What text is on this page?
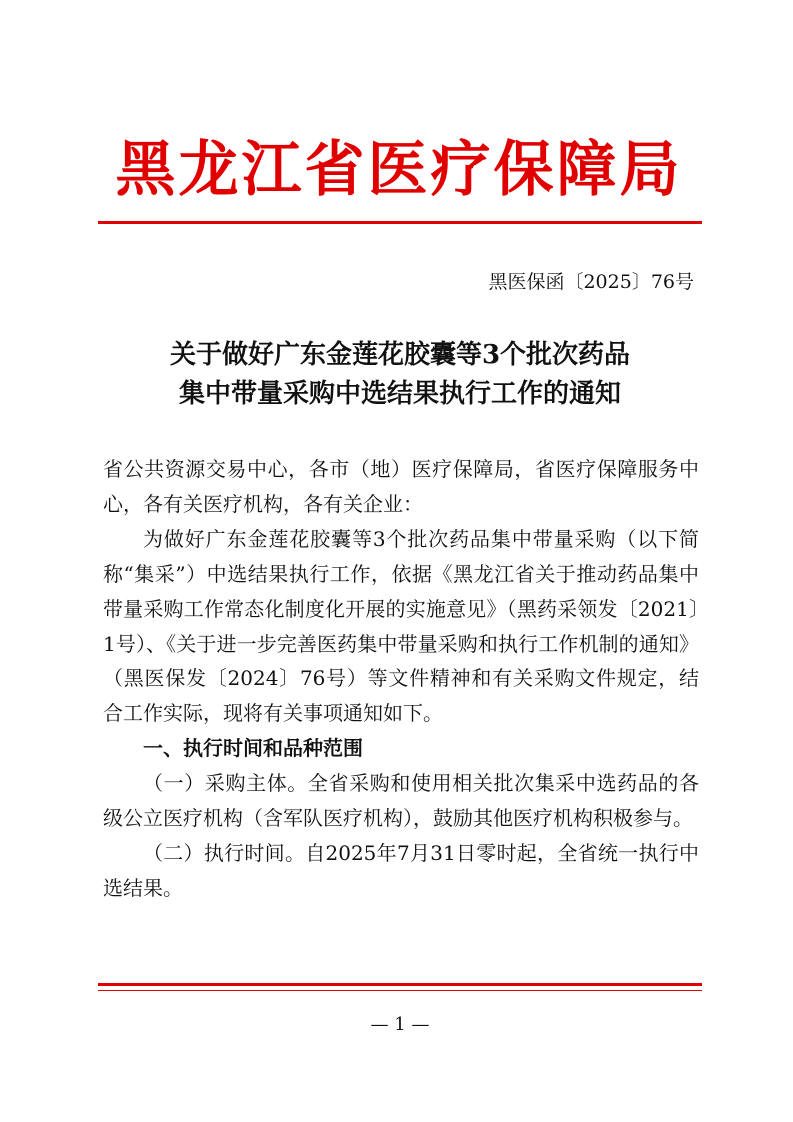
黑龙江省医疗保障局
黑医保函〔2025〕76号
关于做好广东金莲花胶囊等3个批次药品
集中带量采购中选结果执行工作的通知

省公共资源交易中心，各市（地）医疗保障局，省医疗保障服务中心，各有关医疗机构，各有关企业：

为做好广东金莲花胶囊等3个批次药品集中带量采购（以下简称“集采”）中选结果执行工作，依据《黑龙江省关于推动药品集中带量采购工作常态化制度化开展的实施意见》（黑药采领发〔2021〕1号）、《关于进一步完善医药集中带量采购和执行工作机制的通知》（黑医保发〔2024〕76号）等文件精神和有关采购文件规定，结合工作实际，现将有关事项通知如下。

一、执行时间和品种范围

（一）采购主体。全省采购和使用相关批次集采中选药品的各级公立医疗机构（含军队医疗机构），鼓励其他医疗机构积极参与。

（二）执行时间。自2025年7月31日零时起，全省统一执行中选结果。

— 1 —
